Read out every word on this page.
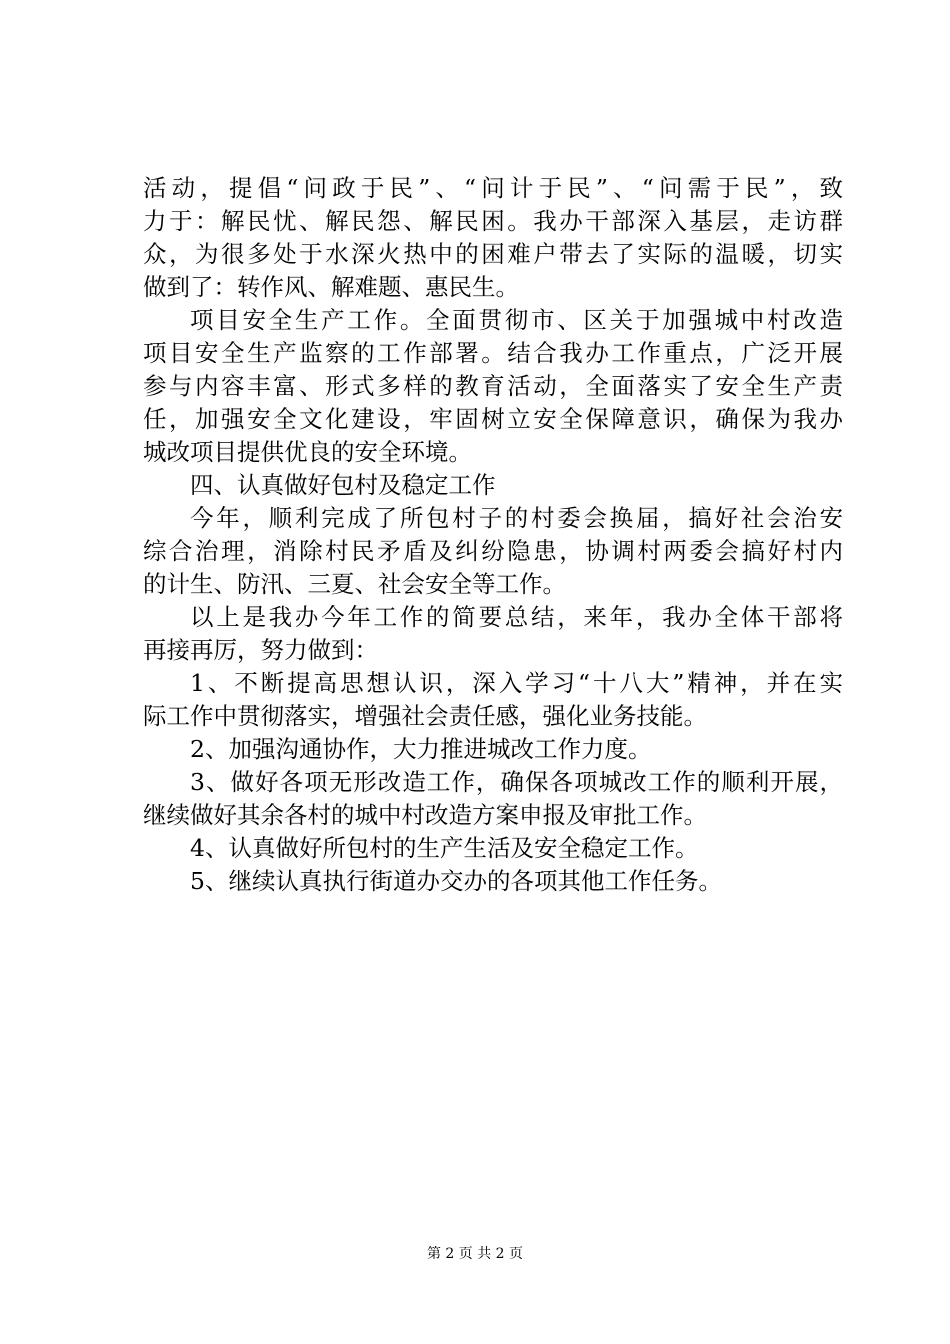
活动，提倡“问政于民”、“问计于民”、“问需于民”，致
力于：解民忧、解民怨、解民困。我办干部深入基层，走访群
众，为很多处于水深火热中的困难户带去了实际的温暖，切实
做到了：转作风、解难题、惠民生。
项目安全生产工作。全面贯彻市、区关于加强城中村改造
项目安全生产监察的工作部署。结合我办工作重点，广泛开展
参与内容丰富、形式多样的教育活动，全面落实了安全生产责
任，加强安全文化建设，牢固树立安全保障意识，确保为我办
城改项目提供优良的安全环境。
四、认真做好包村及稳定工作
今年，顺利完成了所包村子的村委会换届，搞好社会治安
综合治理，消除村民矛盾及纠纷隐患，协调村两委会搞好村内
的计生、防汛、三夏、社会安全等工作。
以上是我办今年工作的简要总结，来年，我办全体干部将
再接再厉，努力做到：
1、不断提高思想认识，深入学习“十八大”精神，并在实
际工作中贯彻落实，增强社会责任感，强化业务技能。
2、加强沟通协作，大力推进城改工作力度。
3、做好各项无形改造工作，确保各项城改工作的顺利开展，
继续做好其余各村的城中村改造方案申报及审批工作。
4、认真做好所包村的生产生活及安全稳定工作。
5、继续认真执行街道办交办的各项其他工作任务。
第 2 页 共 2 页
